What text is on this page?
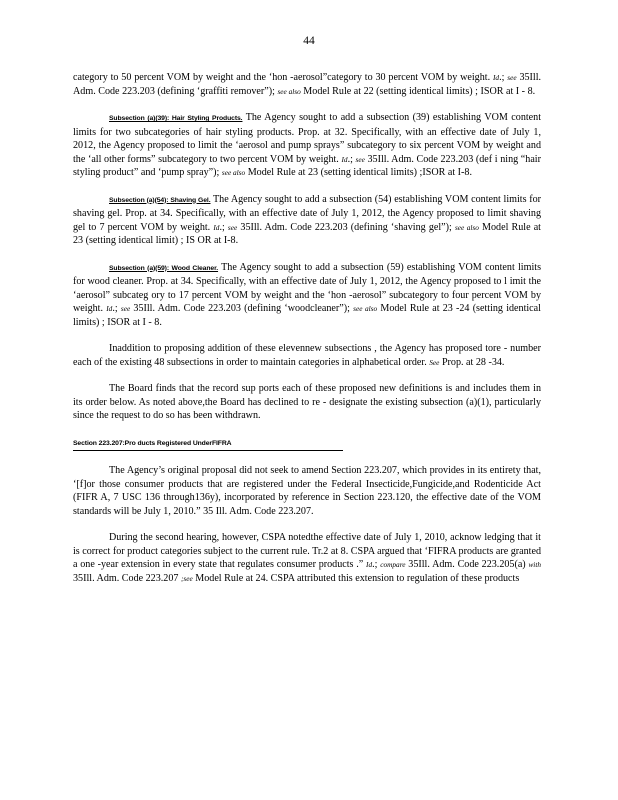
44

category to 50 percent VOM by weight and the ‘hon -aerosol”category to 30 percent VOM by weight. Id.; see 35Ill. Adm. Code 223.203 (defining ‘graffiti remover”); see also Model Rule at 22 (setting identical limits) ; ISOR at I - 8.

Subsection (a)(39): Hair Styling Products. The Agency sought to add a subsection (39) establishing VOM content limits for two subcategories of hair styling products. Prop. at 32. Specifically, with an effective date of July 1, 2012, the Agency proposed to limit the ‘aerosol and pump sprays” subcategory to six percent VOM by weight and the ‘all other forms” subcategory to two percent VOM by weight. Id.; see 35Ill. Adm. Code 223.203 (def i ning “hair styling product” and ‘pump spray”); see also Model Rule at 23 (setting identical limits) ;ISOR at I-8.

Subsection (a)(54): Shaving Gel. The Agency sought to add a subsection (54) establishing VOM content limits for shaving gel. Prop. at 34. Specifically, with an effective date of July 1, 2012, the Agency proposed to limit shaving gel to 7 percent VOM by weight. Id.; see 35Ill. Adm. Code 223.203 (defining ‘shaving gel”); see also Model Rule at 23 (setting identical limit) ; IS OR at I-8.

Subsection (a)(59): Wood Cleaner. The Agency sought to add a subsection (59) establishing VOM content limits for wood cleaner. Prop. at 34. Specifically, with an effective date of July 1, 2012, the Agency proposed to l imit the ‘aerosol” subcateg ory to 17 percent VOM by weight and the ‘hon -aerosol” subcategory to four percent VOM by weight. Id.; see 35Ill. Adm. Code 223.203 (defining ‘woodcleaner”); see also Model Rule at 23 -24 (setting identical limits) ; ISOR at I - 8.

Inaddition to proposing addition of these elevennew subsections , the Agency has proposed tore - number each of the existing 48 subsections in order to maintain categories in alphabetical order. See Prop. at 28 -34.

The Board finds that the record sup ports each of these proposed new definitions is and includes them in its order below. As noted above,the Board has declined to re - designate the existing subsection (a)(1), particularly since the request to do so has been withdrawn.

Section 223.207:Pro ducts Registered UnderFIFRA

The Agency’s original proposal did not seek to amend Section 223.207, which provides in its entirety that, ‘[f]or those consumer products that are registered under the Federal Insecticide,Fungicide,and Rodenticide Act (FIFR A, 7 USC 136 through136y), incorporated by reference in Section 223.120, the effective date of the VOM standards will be July 1, 2010.” 35 Ill. Adm. Code 223.207.

During the second hearing, however, CSPA notedthe effective date of July 1, 2010, acknow ledging that it is correct for product categories subject to the current rule. Tr.2 at 8. CSPA argued that ‘FIFRA products are granted a one -year extension in every state that regulates consumer products .” Id.; compare 35Ill. Adm. Code 223.205(a) with 35Ill. Adm. Code 223.207 ;see Model Rule at 24. CSPA attributed this extension to regulation of these products
